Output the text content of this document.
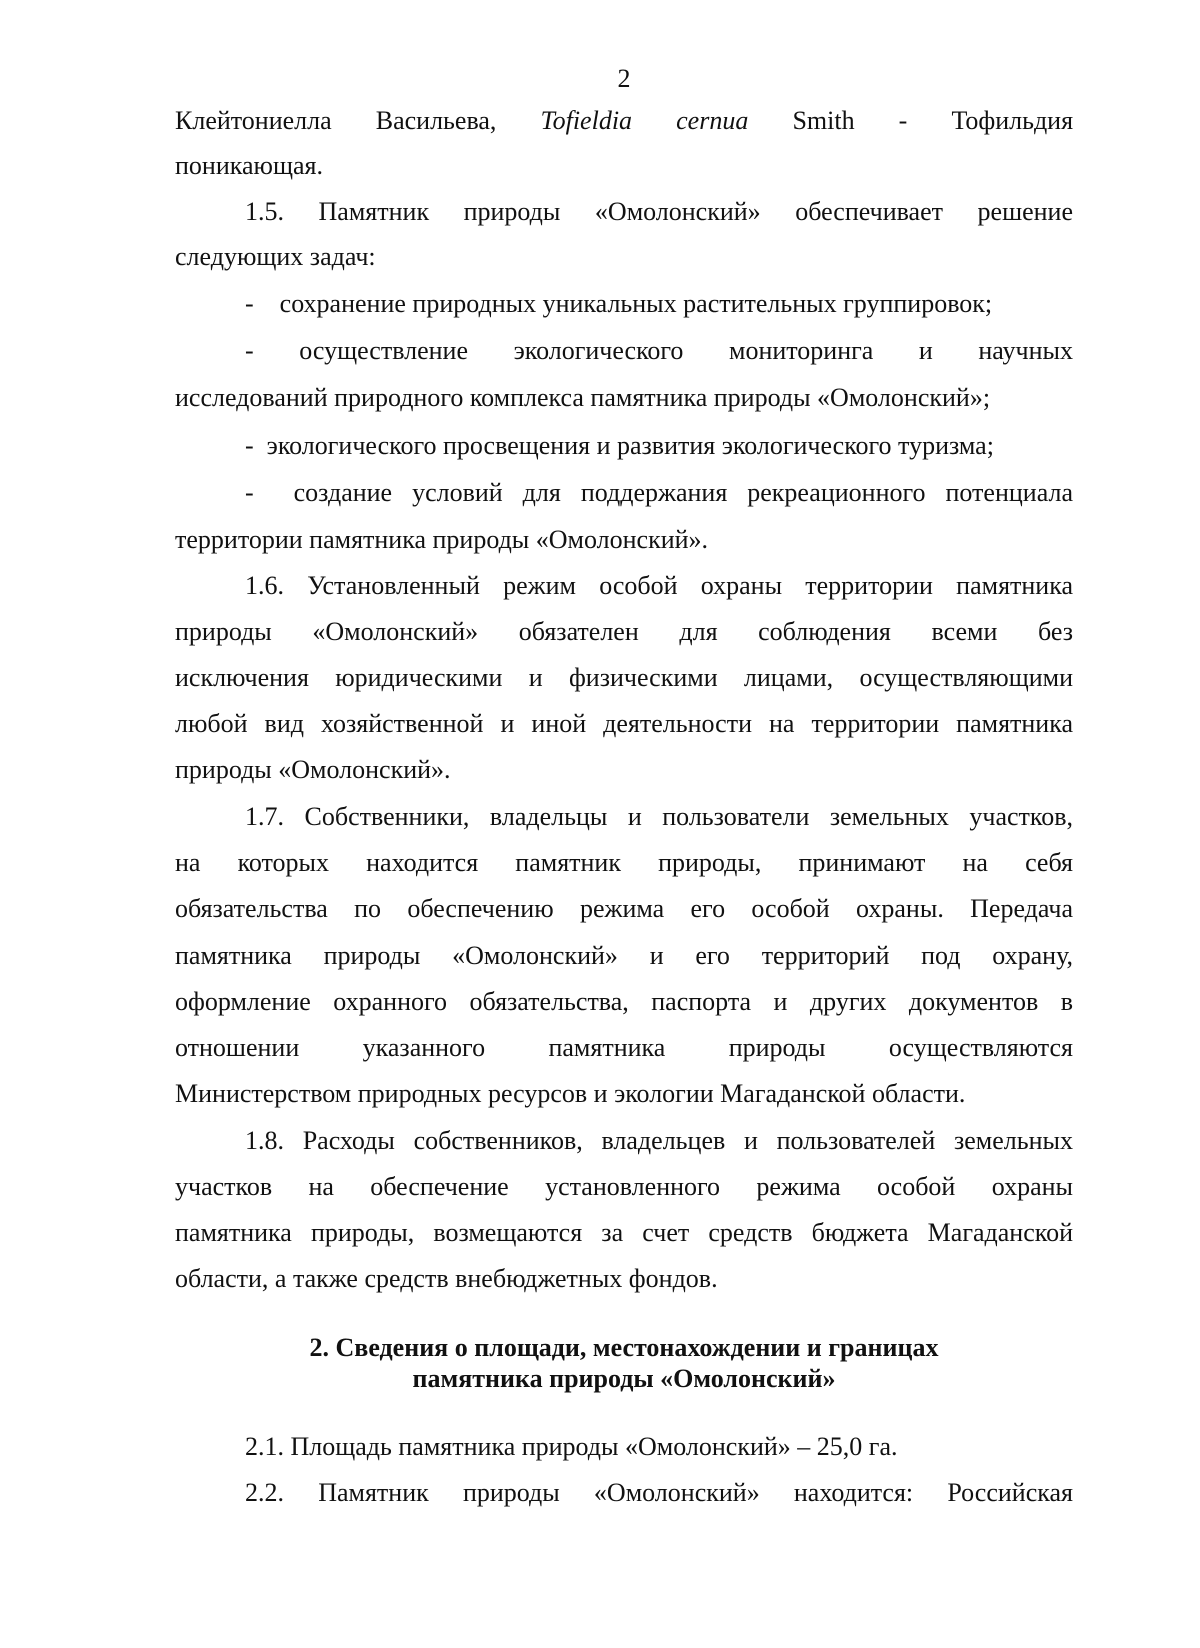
2
Клейтониелла Васильева, Tofieldia cernua Smith - Тофильдия
поникающая.
1.5. Памятник природы «Омолонский» обеспечивает решение
следующих задач:
-    сохранение природных уникальных растительных группировок;
-   осуществление   экологического   мониторинга   и   научных
исследований природного комплекса памятника природы «Омолонский»;
-  экологического просвещения и развития экологического туризма;
-  создание условий для поддержания рекреационного потенциала
территории памятника природы «Омолонский».
1.6. Установленный режим особой охраны территории памятника
природы «Омолонский» обязателен для соблюдения всеми без
исключения юридическими и физическими лицами, осуществляющими
любой вид хозяйственной и иной деятельности на территории памятника
природы «Омолонский».
1.7. Собственники, владельцы и пользователи земельных участков,
на которых находится памятник природы, принимают на себя
обязательства по обеспечению режима его особой охраны. Передача
памятника природы «Омолонский» и его территорий под охрану,
оформление охранного обязательства, паспорта и других документов в
отношении указанного памятника природы осуществляются
Министерством природных ресурсов и экологии Магаданской области.
1.8. Расходы собственников, владельцев и пользователей земельных
участков на обеспечение установленного режима особой охраны
памятника природы, возмещаются за счет средств бюджета Магаданской
области, а также средств внебюджетных фондов.
2. Сведения о площади, местонахождении и границах
памятника природы «Омолонский»
2.1. Площадь памятника природы «Омолонский» – 25,0 га.
2.2. Памятник природы «Омолонский» находится: Российская
